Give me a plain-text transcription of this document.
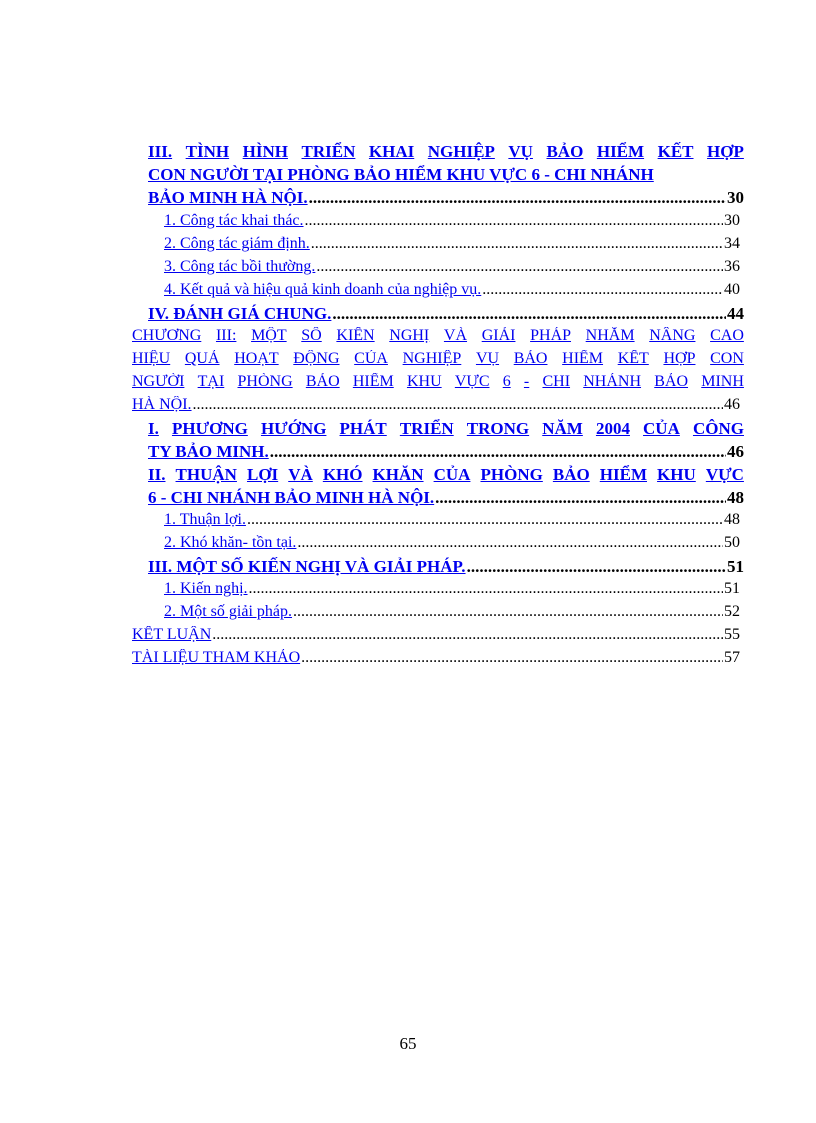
III. TÌNH HÌNH TRIỂN KHAI NGHIỆP VỤ BẢO HIỂM KẾT HỢP
CON NGƯỜI TẠI PHÒNG BẢO HIỂM KHU VỰC 6 - CHI NHÁNH
BẢO MINH HÀ NỘI. .....	30
1. Công tác khai thác. .....	30
2. Công tác giám định. .....	34
3. Công tác bồi thường. .....	36
4. Kết quả và hiệu quả kinh doanh của nghiệp vụ. .....	40
IV. ĐÁNH GIÁ CHUNG. .....	44
CHƯƠNG III: MỘT SỐ KIẾN NGHỊ VÀ GIẢI PHÁP NHẰM NÂNG CAO
HIỆU QUẢ HOẠT ĐỘNG CỦA NGHIỆP VỤ BẢO HIỂM KẾT HỢP CON
NGƯỜI TẠI PHÒNG BẢO HIỂM KHU VỰC 6 - CHI NHÁNH BẢO MINH
HÀ NỘI. .....	46
I. PHƯƠNG HƯỚNG PHÁT TRIỂN TRONG NĂM 2004 CỦA CÔNG
TY BẢO MINH. .....	46
II. THUẬN LỢI VÀ KHÓ KHĂN CỦA PHÒNG BẢO HIỂM KHU VỰC
6 - CHI NHÁNH BẢO MINH HÀ NỘI. .....	48
1. Thuận lợi. .....	48
2. Khó khăn- tồn tại. .....	50
III. MỘT SỐ KIẾN NGHỊ VÀ GIẢI PHÁP. .....	51
1. Kiến nghị. .....	51
2. Một số giải pháp. .....	52
KẾT LUẬN .....	55
TÀI LIỆU THAM KHẢO .....	57
65
